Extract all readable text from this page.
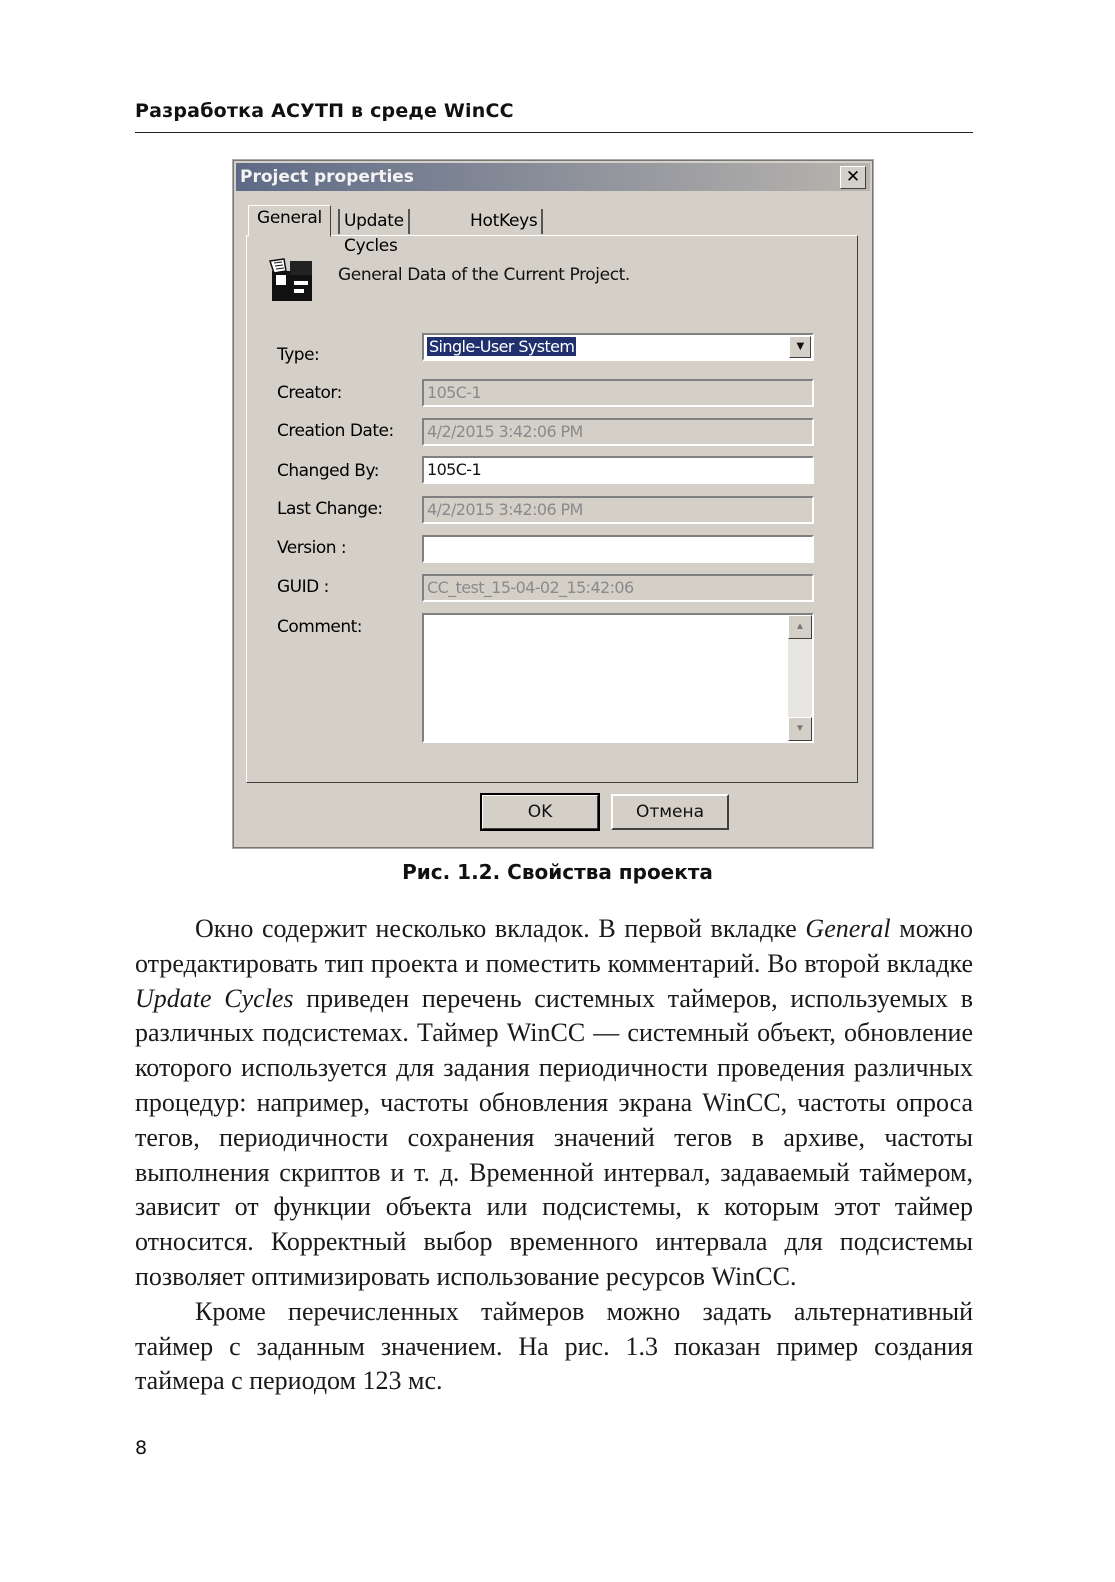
Разработка АСУТП в среде WinCC
Project properties	✕
General	Update Cycles
HotKeys
General Data of the Current Project.
Type:	Single-User System	▼
Creator:	105C-1
Creation Date:	4/2/2015 3:42:06 PM
Changed By:	105C-1
Last Change:	4/2/2015 3:42:06 PM
Version :
GUID :	CC_test_15-04-02_15:42:06
Comment:	▲
▼
OK	Отмена
Рис. 1.2. Свойства проекта

Окно содержит несколько вкладок. В первой вкладке General можно отредактировать тип проекта и поместить комментарий. Во второй вкладке Update Cycles приведен перечень системных таймеров, используемых в различных подсистемах. Таймер WinCC — системный объект, обновление которого используется для задания периодичности проведения различных процедур: например, частоты обновления экрана WinCC, частоты опроса тегов, периодичности сохранения значений тегов в архиве, частоты выполнения скриптов и т. д. Временной интервал, задаваемый таймером, зависит от функции объекта или подсистемы, к которым этот таймер относится. Корректный выбор временного интервала для подсистемы позволяет оптимизировать использование ресурсов WinCC.

Кроме перечисленных таймеров можно задать альтернативный таймер с заданным значением. На рис. 1.3 показан пример создания таймера с периодом 123 мс.

8
